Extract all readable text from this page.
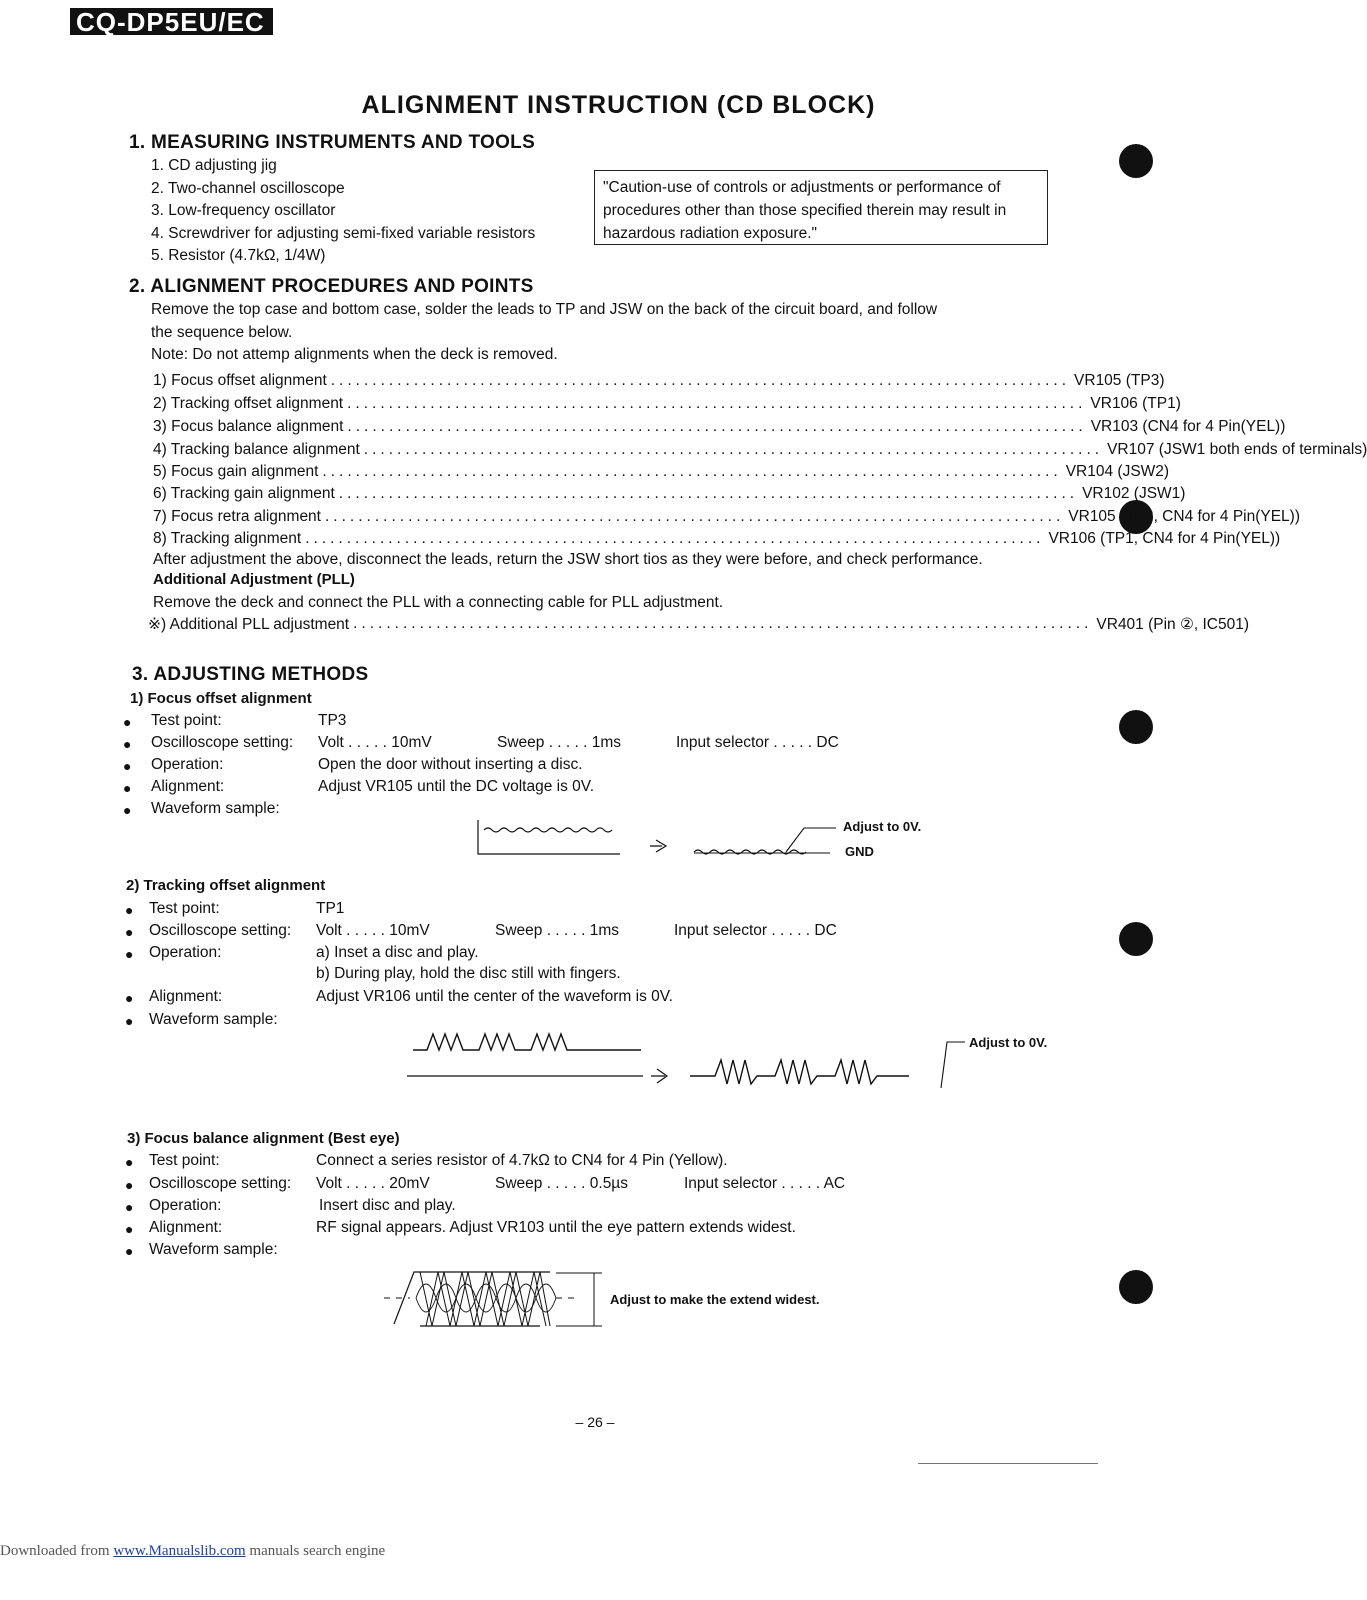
CQ-DP5EU/EC
ALIGNMENT INSTRUCTION (CD BLOCK)
1. MEASURING INSTRUMENTS AND TOOLS
1. CD adjusting jig
2. Two-channel oscilloscope
3. Low-frequency oscillator
4. Screwdriver for adjusting semi-fixed variable resistors
5. Resistor (4.7kΩ, 1/4W)
"Caution-use of controls or adjustments or performance of procedures other than those specified therein may result in hazardous radiation exposure."
2. ALIGNMENT PROCEDURES AND POINTS
Remove the top case and bottom case, solder the leads to TP and JSW on the back of the circuit board, and follow
the sequence below.
Note: Do not attemp alignments when the deck is removed.
1) Focus offset alignment ......................................................................................... VR105 (TP3)
2) Tracking offset alignment ......................................................................................... VR106 (TP1)
3) Focus balance alignment ......................................................................................... VR103 (CN4 for 4 Pin(YEL))
4) Tracking balance alignment ......................................................................................... VR107 (JSW1 both ends of terminals)
5) Focus gain alignment ......................................................................................... VR104 (JSW2)
6) Tracking gain alignment ......................................................................................... VR102 (JSW1)
7) Focus retra alignment ......................................................................................... VR105 (TP3, CN4 for 4 Pin(YEL))
8) Tracking alignment ......................................................................................... VR106 (TP1, CN4 for 4 Pin(YEL))
After adjustment the above, disconnect the leads, return the JSW short tios as they were before, and check performance.
Additional Adjustment (PLL)
Remove the deck and connect the PLL with a connecting cable for PLL adjustment.
※) Additional PLL adjustment ......................................................................................... VR401 (Pin ②, IC501)
3. ADJUSTING METHODS
1) Focus offset alignment
● Test point:	TP3
● Oscilloscope setting: Volt . . . . . 10mV	Sweep . . . . . 1ms	Input selector . . . . . DC
● Operation:	Open the door without inserting a disc.
● Alignment:	Adjust VR105 until the DC voltage is 0V.
● Waveform sample:
Adjust to 0V.
GND
2) Tracking offset alignment
● Test point:	TP1
● Oscilloscope setting: Volt . . . . . 10mV	Sweep . . . . . 1ms	Input selector . . . . . DC
● Operation:	a) Inset a disc and play.
b) During play, hold the disc still with fingers.
● Alignment:	Adjust VR106 until the center of the waveform is 0V.
● Waveform sample:
Adjust to 0V.
3) Focus balance alignment (Best eye)
● Test point:	Connect a series resistor of 4.7kΩ to CN4 for 4 Pin (Yellow).
● Oscilloscope setting: Volt . . . . . 20mV	Sweep . . . . . 0.5µs	Input selector . . . . . AC
● Operation:	Insert disc and play.
● Alignment:	RF signal appears. Adjust VR103 until the eye pattern extends widest.
● Waveform sample:
Adjust to make the extend widest.
– 26 –
Downloaded from www.Manualslib.com manuals search engine
